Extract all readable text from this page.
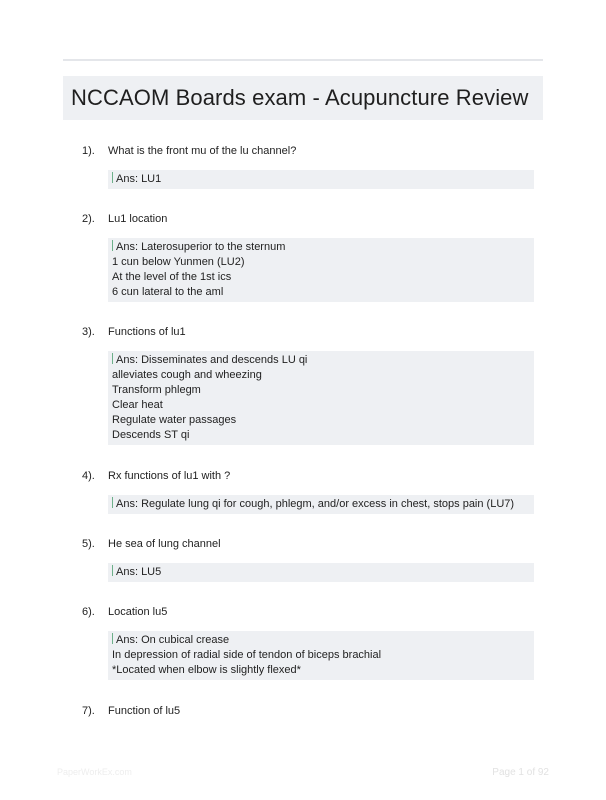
NCCAOM Boards exam - Acupuncture Review
1). What is the front mu of the lu channel?
Ans: LU1
2). Lu1 location
Ans: Laterosuperior to the sternum
1 cun below Yunmen (LU2)
At the level of the 1st ics
6 cun lateral to the aml
3). Functions of lu1
Ans: Disseminates and descends LU qi
alleviates cough and wheezing
Transform phlegm
Clear heat
Regulate water passages
Descends ST qi
4). Rx functions of lu1 with ?
Ans: Regulate lung qi for cough, phlegm, and/or excess in chest, stops pain (LU7)
5). He sea of lung channel
Ans: LU5
6). Location lu5
Ans: On cubical crease
In depression of radial side of tendon of biceps brachial
*Located when elbow is slightly flexed*
7). Function of lu5
PaperWorkEx.com	Page 1 of 92
